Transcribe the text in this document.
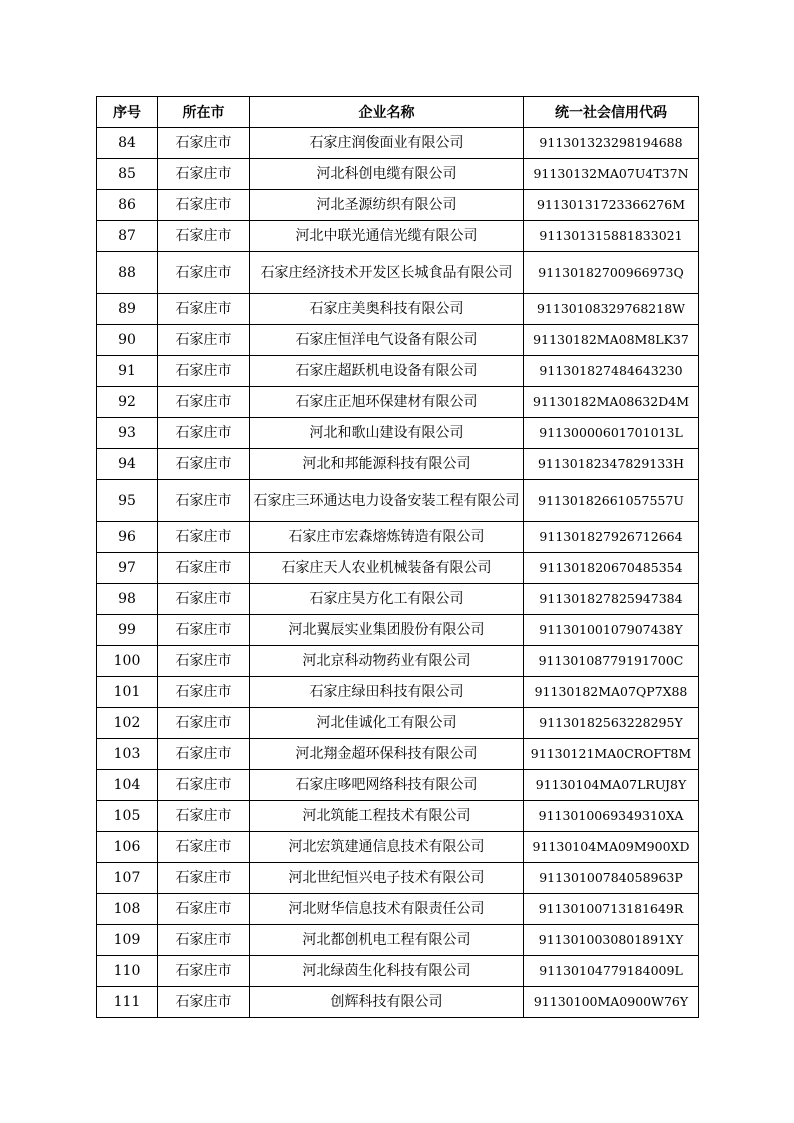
序号	所在市	企业名称	统一社会信用代码
84	石家庄市	石家庄润俊面业有限公司	911301323298194688
85	石家庄市	河北科创电缆有限公司	91130132MA07U4T37N
86	石家庄市	河北圣源纺织有限公司	91130131723366276M
87	石家庄市	河北中联光通信光缆有限公司	911301315881833021
88	石家庄市	石家庄经济技术开发区长城食品有限公司	91130182700966973Q
89	石家庄市	石家庄美奥科技有限公司	91130108329768218W
90	石家庄市	石家庄恒洋电气设备有限公司	91130182MA08M8LK37
91	石家庄市	石家庄超跃机电设备有限公司	911301827484643230
92	石家庄市	石家庄正旭环保建材有限公司	91130182MA08632D4M
93	石家庄市	河北和歌山建设有限公司	91130000601701013L
94	石家庄市	河北和邦能源科技有限公司	91130182347829133H
95	石家庄市	石家庄三环通达电力设备安装工程有限公司	91130182661057557U
96	石家庄市	石家庄市宏森熔炼铸造有限公司	911301827926712664
97	石家庄市	石家庄天人农业机械装备有限公司	911301820670485354
98	石家庄市	石家庄昊方化工有限公司	911301827825947384
99	石家庄市	河北翼辰实业集团股份有限公司	91130100107907438Y
100	石家庄市	河北京科动物药业有限公司	91130108779191700C
101	石家庄市	石家庄绿田科技有限公司	91130182MA07QP7X88
102	石家庄市	河北佳诚化工有限公司	91130182563228295Y
103	石家庄市	河北翔金超环保科技有限公司	91130121MA0CROFT8M
104	石家庄市	石家庄哆吧网络科技有限公司	91130104MA07LRUJ8Y
105	石家庄市	河北筑能工程技术有限公司	9113010069349310XA
106	石家庄市	河北宏筑建通信息技术有限公司	91130104MA09M900XD
107	石家庄市	河北世纪恒兴电子技术有限公司	91130100784058963P
108	石家庄市	河北财华信息技术有限责任公司	91130100713181649R
109	石家庄市	河北都创机电工程有限公司	9113010030801891XY
110	石家庄市	河北绿茵生化科技有限公司	91130104779184009L
111	石家庄市	创辉科技有限公司	91130100MA0900W76Y
